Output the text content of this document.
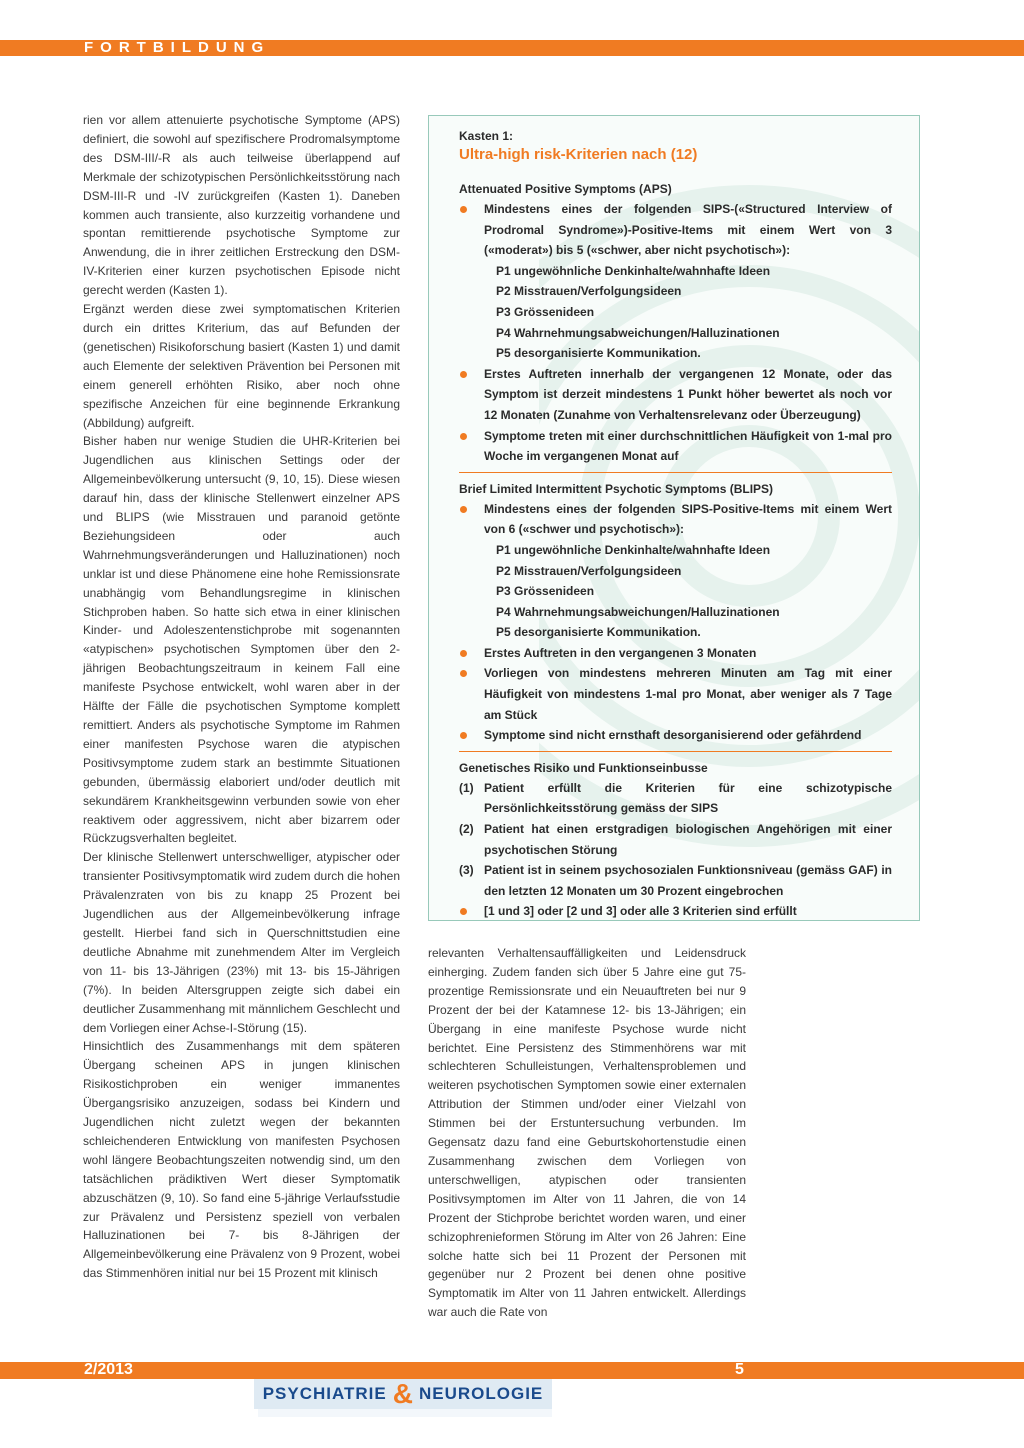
FORTBILDUNG

rien vor allem attenuierte psychotische Symptome (APS) definiert, die sowohl auf spezifischere Prodromalsymptome des DSM-III/-R als auch teilweise überlappend auf Merkmale der schizotypischen Persönlichkeitsstörung nach DSM-III-R und -IV zurückgreifen (Kasten 1). Daneben kommen auch transiente, also kurzzeitig vorhandene und spontan remittierende psychotische Symptome zur Anwendung, die in ihrer zeitlichen Erstreckung den DSM-IV-Kriterien einer kurzen psychotischen Episode nicht gerecht werden (Kasten 1).

Ergänzt werden diese zwei symptomatischen Kriterien durch ein drittes Kriterium, das auf Befunden der (genetischen) Risikoforschung basiert (Kasten 1) und damit auch Elemente der selektiven Prävention bei Personen mit einem generell erhöhten Risiko, aber noch ohne spezifische Anzeichen für eine beginnende Erkrankung (Abbildung) aufgreift.

Bisher haben nur wenige Studien die UHR-Kriterien bei Jugendlichen aus klinischen Settings oder der Allgemeinbevölkerung untersucht (9, 10, 15). Diese wiesen darauf hin, dass der klinische Stellenwert einzelner APS und BLIPS (wie Misstrauen und paranoid getönte Beziehungsideen oder auch Wahrnehmungsveränderungen und Halluzinationen) noch unklar ist und diese Phänomene eine hohe Remissionsrate unabhängig vom Behandlungsregime in klinischen Stichproben haben. So hatte sich etwa in einer klinischen Kinder- und Adoleszentenstichprobe mit sogenannten «atypischen» psychotischen Symptomen über den 2-jährigen Beobachtungszeitraum in keinem Fall eine manifeste Psychose entwickelt, wohl waren aber in der Hälfte der Fälle die psychotischen Symptome komplett remittiert. Anders als psychotische Symptome im Rahmen einer manifesten Psychose waren die atypischen Positivsymptome zudem stark an bestimmte Situationen gebunden, übermässig elaboriert und/oder deutlich mit sekundärem Krankheitsgewinn verbunden sowie von eher reaktivem oder aggressivem, nicht aber bizarrem oder Rückzugsverhalten begleitet.

Der klinische Stellenwert unterschwelliger, atypischer oder transienter Positivsymptomatik wird zudem durch die hohen Prävalenzraten von bis zu knapp 25 Prozent bei Jugendlichen aus der Allgemeinbevölkerung infrage gestellt. Hierbei fand sich in Querschnittstudien eine deutliche Abnahme mit zunehmendem Alter im Vergleich von 11- bis 13-Jährigen (23%) mit 13- bis 15-Jährigen (7%). In beiden Altersgruppen zeigte sich dabei ein deutlicher Zusammenhang mit männlichem Geschlecht und dem Vorliegen einer Achse-I-Störung (15).

Hinsichtlich des Zusammenhangs mit dem späteren Übergang scheinen APS in jungen klinischen Risikostichproben ein weniger immanentes Übergangsrisiko anzuzeigen, sodass bei Kindern und Jugendlichen nicht zuletzt wegen der bekannten schleichenderen Entwicklung von manifesten Psychosen wohl längere Beobachtungszeiten notwendig sind, um den tatsächlichen prädiktiven Wert dieser Symptomatik abzuschätzen (9, 10). So fand eine 5-jährige Verlaufsstudie zur Prävalenz und Persistenz speziell von verbalen Halluzinationen bei 7- bis 8-Jährigen der Allgemeinbevölkerung eine Prävalenz von 9 Prozent, wobei das Stimmenhören initial nur bei 15 Prozent mit klinisch

Kasten 1:
Ultra-high risk-Kriterien nach (12)
Attenuated Positive Symptoms (APS)
Mindestens eines der folgenden SIPS-(«Structured Interview of Prodromal Syndrome»)-Positive-Items mit einem Wert von 3 («moderat») bis 5 («schwer, aber nicht psychotisch»):
P1 ungewöhnliche Denkinhalte/wahnhafte Ideen
P2 Misstrauen/Verfolgungsideen
P3 Grössenideen
P4 Wahrnehmungsabweichungen/Halluzinationen
P5 desorganisierte Kommunikation.
Erstes Auftreten innerhalb der vergangenen 12 Monate, oder das Symptom ist derzeit mindestens 1 Punkt höher bewertet als noch vor 12 Monaten (Zunahme von Verhaltensrelevanz oder Überzeugung)
Symptome treten mit einer durchschnittlichen Häufigkeit von 1-mal pro Woche im vergangenen Monat auf
Brief Limited Intermittent Psychotic Symptoms (BLIPS)
Mindestens eines der folgenden SIPS-Positive-Items mit einem Wert von 6 («schwer und psychotisch»):
P1 ungewöhnliche Denkinhalte/wahnhafte Ideen
P2 Misstrauen/Verfolgungsideen
P3 Grössenideen
P4 Wahrnehmungsabweichungen/Halluzinationen
P5 desorganisierte Kommunikation.
Erstes Auftreten in den vergangenen 3 Monaten
Vorliegen von mindestens mehreren Minuten am Tag mit einer Häufigkeit von mindestens 1-mal pro Monat, aber weniger als 7 Tage am Stück
Symptome sind nicht ernsthaft desorganisierend oder gefährdend
Genetisches Risiko und Funktionseinbusse
(1) Patient erfüllt die Kriterien für eine schizotypische Persönlichkeitsstörung gemäss der SIPS
(2) Patient hat einen erstgradigen biologischen Angehörigen mit einer psychotischen Störung
(3) Patient ist in seinem psychosozialen Funktionsniveau (gemäss GAF) in den letzten 12 Monaten um 30 Prozent eingebrochen
[1 und 3] oder [2 und 3] oder alle 3 Kriterien sind erfüllt

relevanten Verhaltensauffälligkeiten und Leidensdruck einherging. Zudem fanden sich über 5 Jahre eine gut 75-prozentige Remissionsrate und ein Neuauftreten bei nur 9 Prozent der bei der Katamnese 12- bis 13-Jährigen; ein Übergang in eine manifeste Psychose wurde nicht berichtet. Eine Persistenz des Stimmenhörens war mit schlechteren Schulleistungen, Verhaltensproblemen und weiteren psychotischen Symptomen sowie einer externalen Attribution der Stimmen und/oder einer Vielzahl von Stimmen bei der Erstuntersuchung verbunden. Im Gegensatz dazu fand eine Geburtskohortenstudie einen Zusammenhang zwischen dem Vorliegen von unterschwelligen, atypischen oder transienten Positivsymptomen im Alter von 11 Jahren, die von 14 Prozent der Stichprobe berichtet worden waren, und einer schizophrenieformen Störung im Alter von 26 Jahren: Eine solche hatte sich bei 11 Prozent der Personen mit gegenüber nur 2 Prozent bei denen ohne positive Symptomatik im Alter von 11 Jahren entwickelt. Allerdings war auch die Rate von

2/2013	5
PSYCHIATRIE & NEUROLOGIE
